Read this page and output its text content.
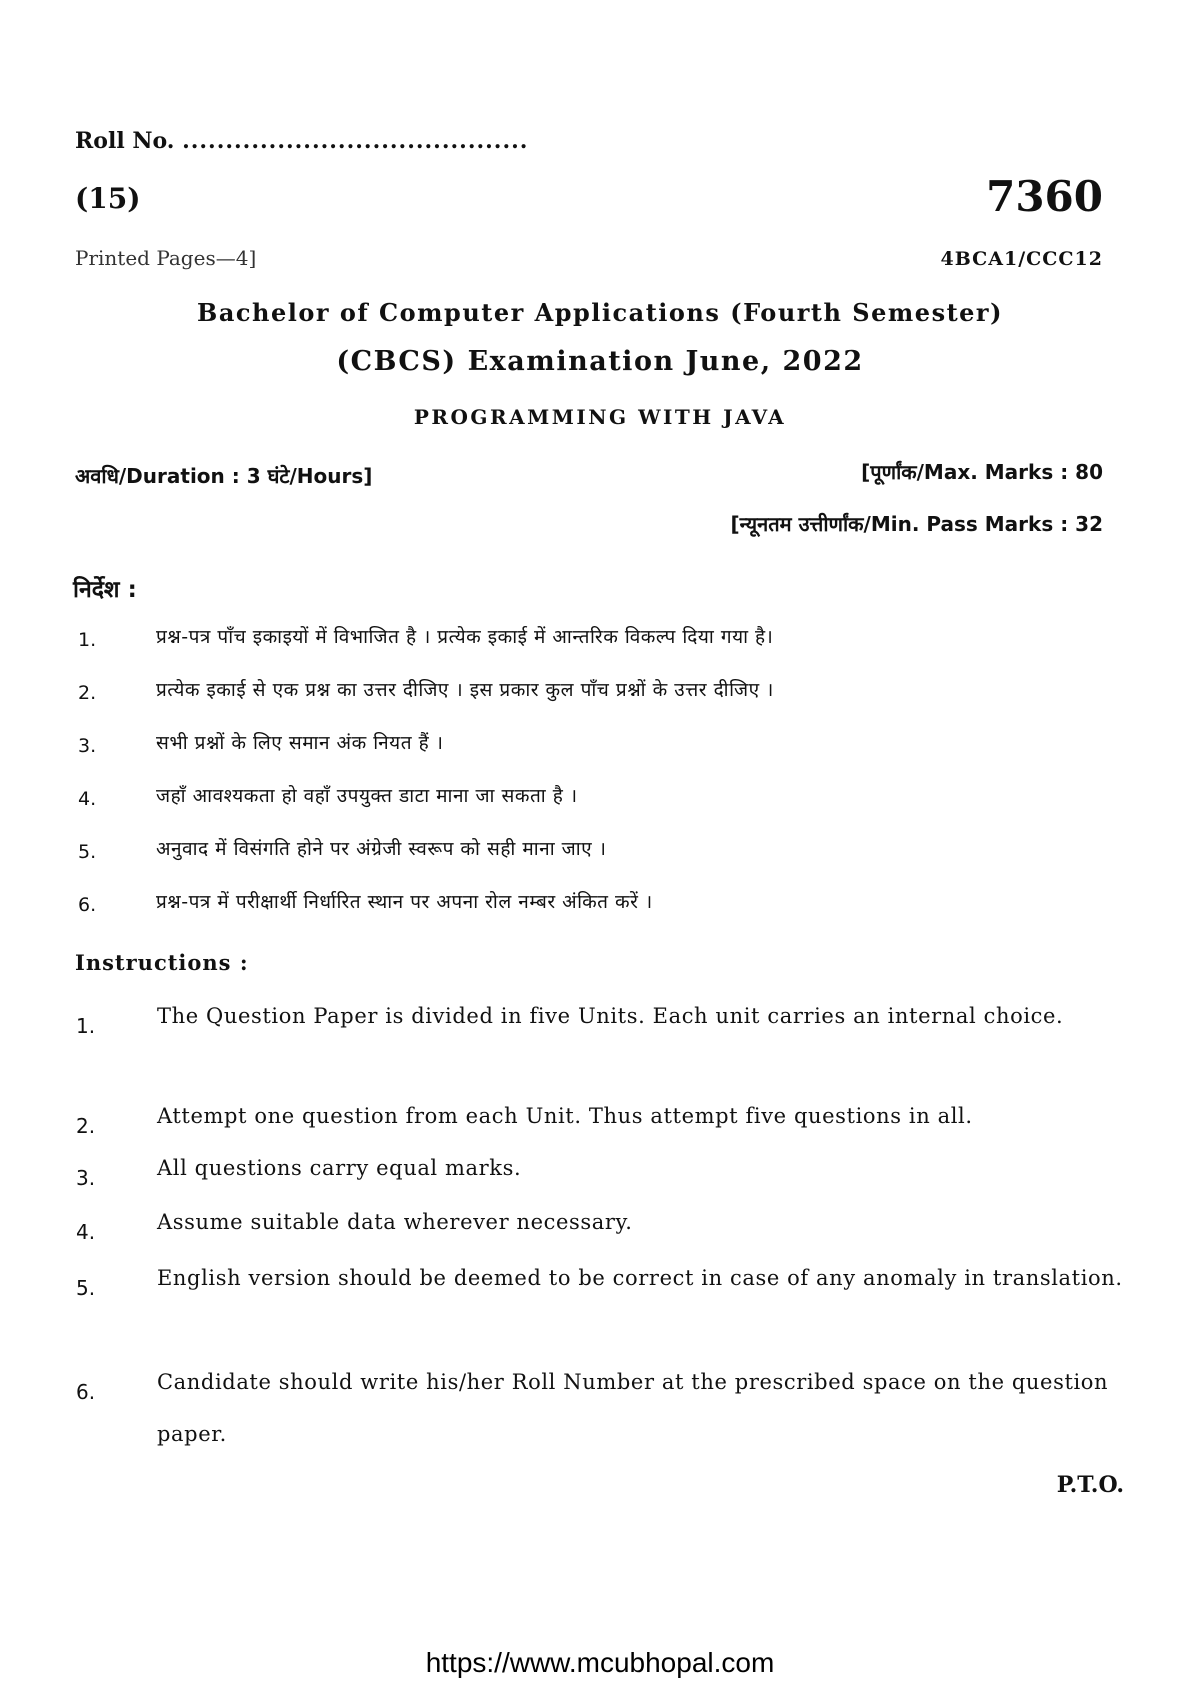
Roll No. ........................................
(15)	7360
Printed Pages—4]	4BCA1/CCC12
Bachelor of Computer Applications (Fourth Semester)
(CBCS) Examination June, 2022
PROGRAMMING WITH JAVA
अवधि/Duration : 3 घंटे/Hours]	[पूर्णांक/Max. Marks : 80
[न्यूनतम उत्तीर्णांक/Min. Pass Marks : 32
निर्देश :
1.	प्रश्न-पत्र पाँच इकाइयों में विभाजित है । प्रत्येक इकाई में आन्तरिक विकल्प दिया गया है।
2.	प्रत्येक इकाई से एक प्रश्न का उत्तर दीजिए । इस प्रकार कुल पाँच प्रश्नों के उत्तर दीजिए ।
3.	सभी प्रश्नों के लिए समान अंक नियत हैं ।
4.	जहाँ आवश्यकता हो वहाँ उपयुक्त डाटा माना जा सकता है ।
5.	अनुवाद में विसंगति होने पर अंग्रेजी स्वरूप को सही माना जाए ।
6.	प्रश्न-पत्र में परीक्षार्थी निर्धारित स्थान पर अपना रोल नम्बर अंकित करें ।
Instructions :
1.	The Question Paper is divided in five Units. Each unit carries an internal choice.
2.	Attempt one question from each Unit. Thus attempt five questions in all.
3.	All questions carry equal marks.
4.	Assume suitable data wherever necessary.
5.	English version should be deemed to be correct in case of any anomaly in translation.
6.	Candidate should write his/her Roll Number at the prescribed space on the question paper.
P.T.O.
https://www.mcubhopal.com
